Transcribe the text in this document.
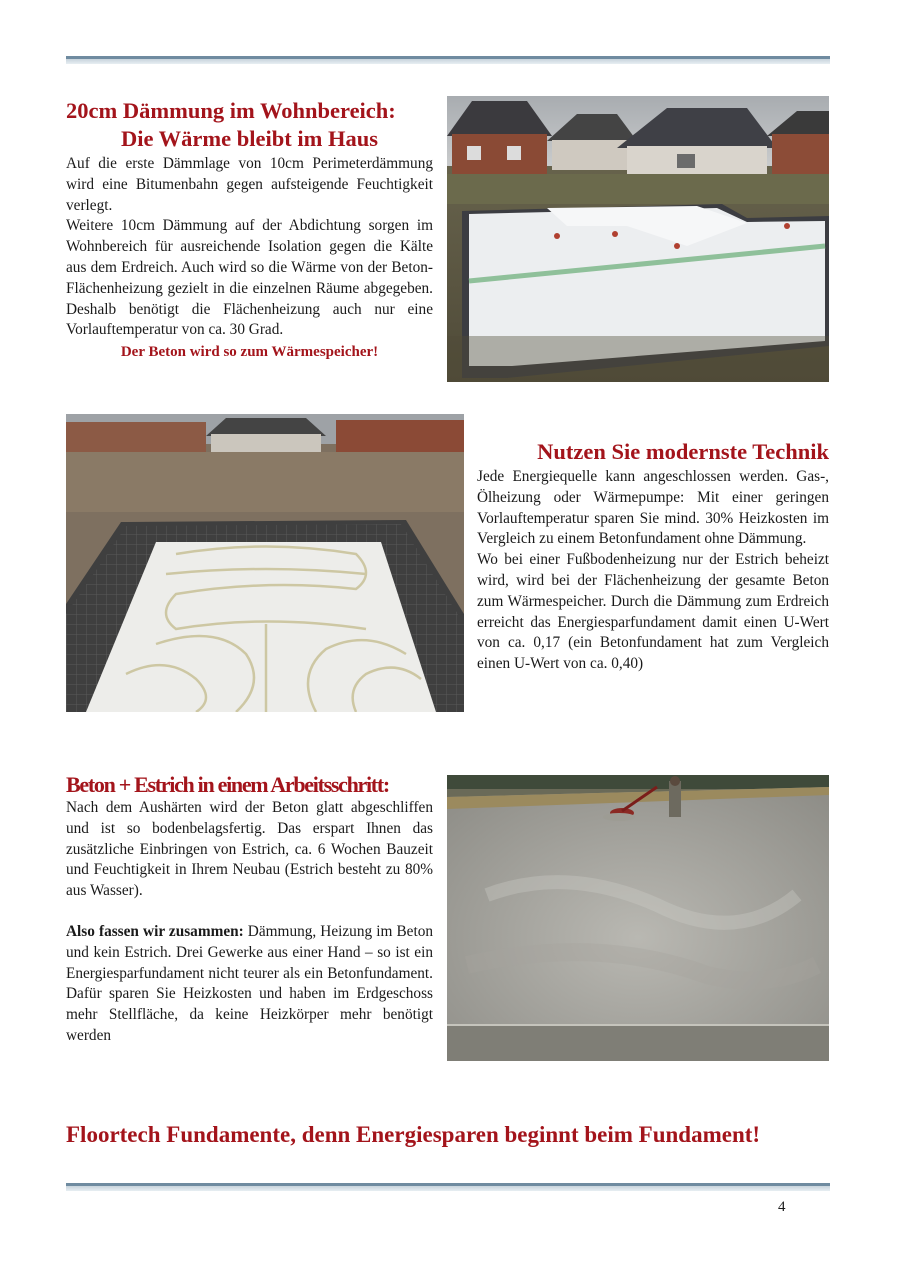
20cm Dämmung im Wohnbereich:
Die Wärme bleibt im Haus

Auf die erste Dämmlage von 10cm Perimeterdämmung wird eine Bitumenbahn gegen aufsteigende Feuchtigkeit verlegt.

Weitere 10cm Dämmung auf der Abdichtung sorgen im Wohnbereich für ausreichende Isolation gegen die Kälte aus dem Erdreich. Auch wird so die Wärme von der Beton-Flächenheizung gezielt in die einzelnen Räume abgegeben. Deshalb benötigt die Flächenheizung auch nur eine Vorlauftemperatur von ca. 30 Grad.

Der Beton wird so zum Wärmespeicher!
Nutzen Sie modernste Technik

Jede Energiequelle kann angeschlossen werden. Gas-, Ölheizung oder Wärmepumpe: Mit einer geringen Vorlauftemperatur sparen Sie mind. 30% Heizkosten im Vergleich zu einem Betonfundament ohne Dämmung.

Wo bei einer Fußbodenheizung nur der Estrich beheizt wird, wird bei der Flächenheizung der gesamte Beton zum Wärmespeicher. Durch die Dämmung zum Erdreich erreicht das Energiesparfundament damit einen U-Wert von ca. 0,17 (ein Betonfundament hat zum Vergleich einen U-Wert von ca. 0,40)

Beton + Estrich in einem Arbeitsschritt:

Nach dem Aushärten wird der Beton glatt abgeschliffen und ist so bodenbelagsfertig. Das erspart Ihnen das zusätzliche Einbringen von Estrich, ca. 6 Wochen Bauzeit und Feuchtigkeit in Ihrem Neubau (Estrich besteht zu 80% aus Wasser).

Also fassen wir zusammen: Dämmung, Heizung im Beton und kein Estrich. Drei Gewerke aus einer Hand – so ist ein Energiesparfundament nicht teurer als ein Betonfundament. Dafür sparen Sie Heizkosten und haben im Erdgeschoss mehr Stellfläche, da keine Heizkörper mehr benötigt werden

Floortech Fundamente, denn Energiesparen beginnt beim Fundament!
4
